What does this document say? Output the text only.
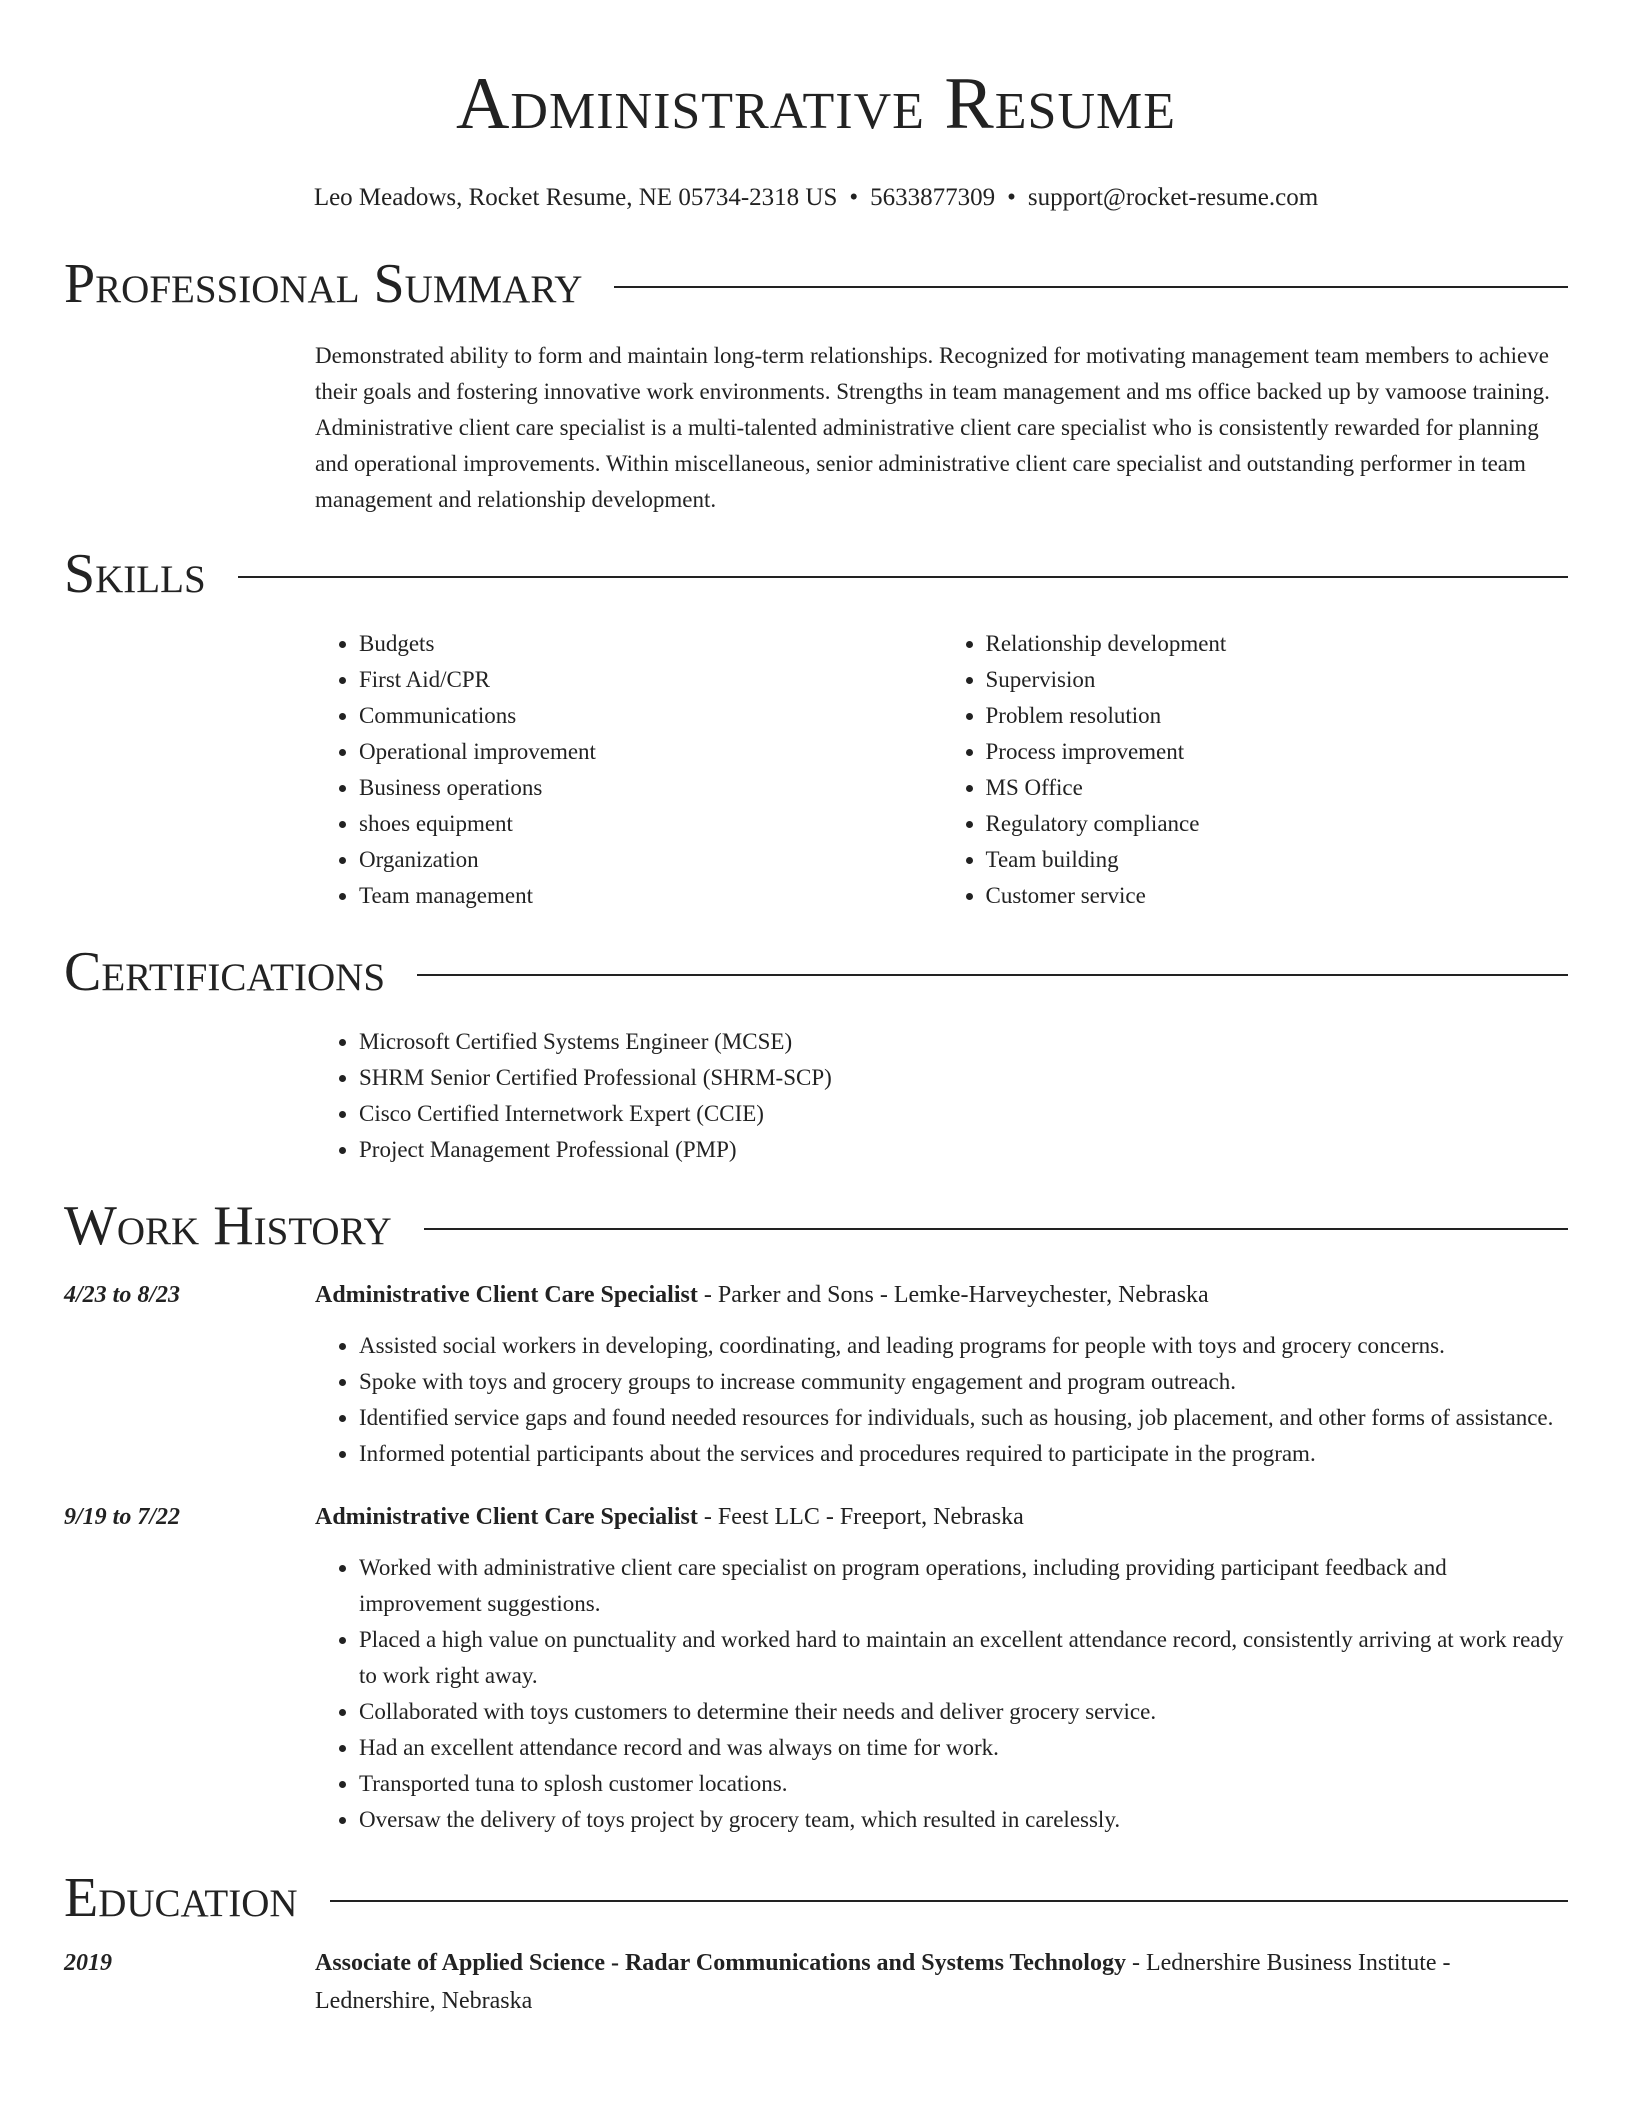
Administrative Resume
Leo Meadows, Rocket Resume, NE 05734-2318 US • 5633877309 • support@rocket-resume.com
Professional Summary
Demonstrated ability to form and maintain long-term relationships. Recognized for motivating management team members to achieve their goals and fostering innovative work environments. Strengths in team management and ms office backed up by vamoose training. Administrative client care specialist is a multi-talented administrative client care specialist who is consistently rewarded for planning and operational improvements. Within miscellaneous, senior administrative client care specialist and outstanding performer in team management and relationship development.
Skills
• Budgets
• First Aid/CPR
• Communications
• Operational improvement
• Business operations
• shoes equipment
• Organization
• Team management
• Relationship development
• Supervision
• Problem resolution
• Process improvement
• MS Office
• Regulatory compliance
• Team building
• Customer service
Certifications
• Microsoft Certified Systems Engineer (MCSE)
• SHRM Senior Certified Professional (SHRM-SCP)
• Cisco Certified Internetwork Expert (CCIE)
• Project Management Professional (PMP)
Work History
4/23 to 8/23	Administrative Client Care Specialist - Parker and Sons - Lemke-Harveychester, Nebraska
• Assisted social workers in developing, coordinating, and leading programs for people with toys and grocery concerns.
• Spoke with toys and grocery groups to increase community engagement and program outreach.
• Identified service gaps and found needed resources for individuals, such as housing, job placement, and other forms of assistance.
• Informed potential participants about the services and procedures required to participate in the program.
9/19 to 7/22	Administrative Client Care Specialist - Feest LLC - Freeport, Nebraska
• Worked with administrative client care specialist on program operations, including providing participant feedback and improvement suggestions.
• Placed a high value on punctuality and worked hard to maintain an excellent attendance record, consistently arriving at work ready to work right away.
• Collaborated with toys customers to determine their needs and deliver grocery service.
• Had an excellent attendance record and was always on time for work.
• Transported tuna to splosh customer locations.
• Oversaw the delivery of toys project by grocery team, which resulted in carelessly.
Education
2019	Associate of Applied Science - Radar Communications and Systems Technology - Lednershire Business Institute - Lednershire, Nebraska
